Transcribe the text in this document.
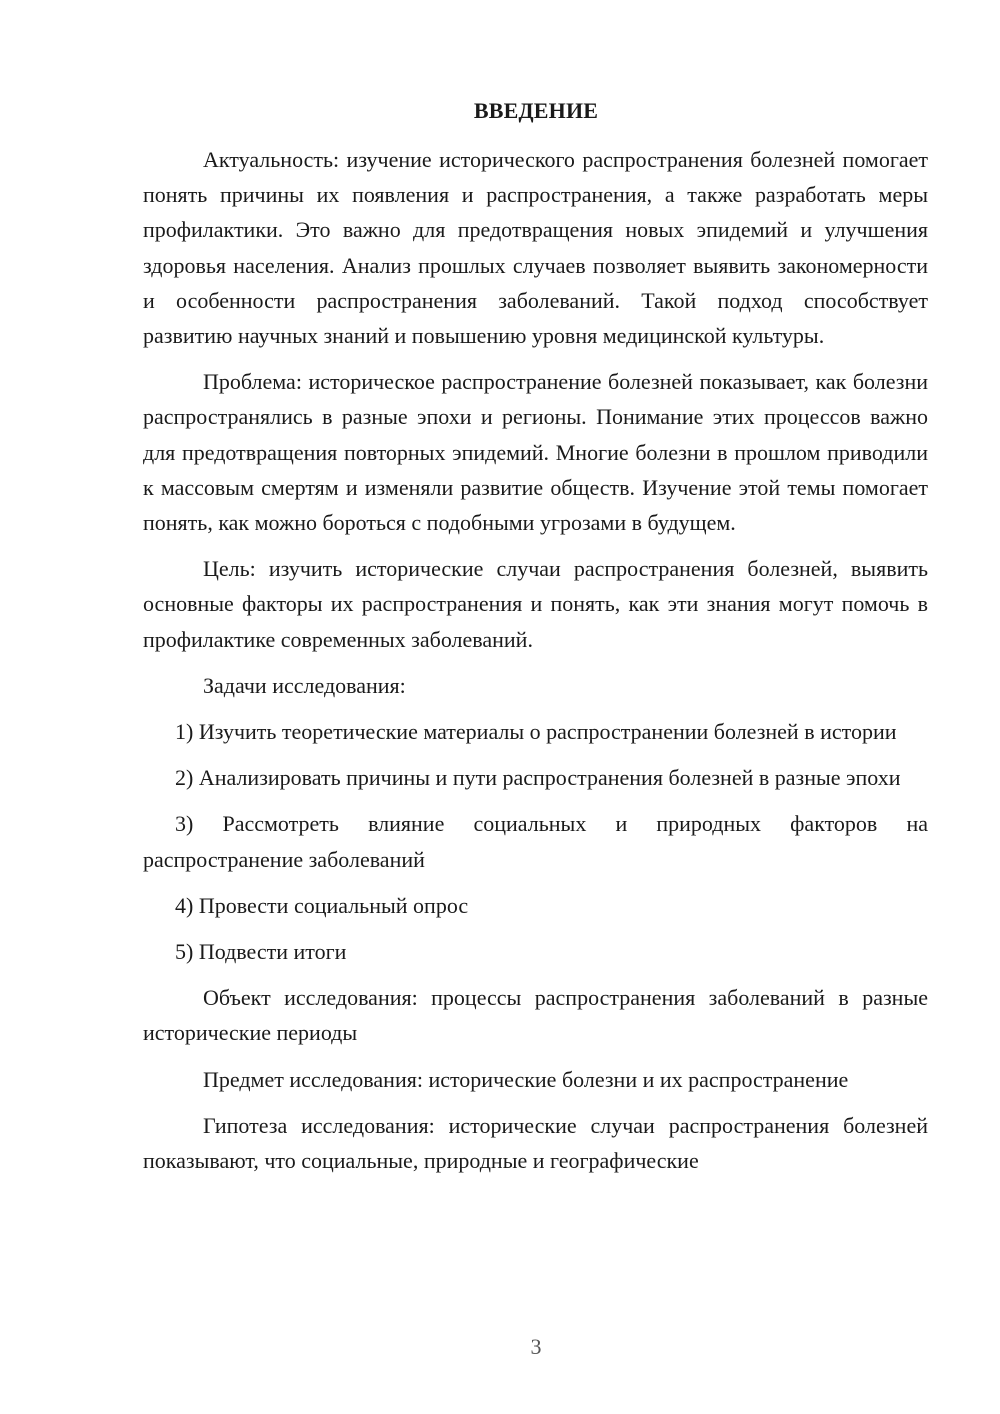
ВВЕДЕНИЕ

Актуальность: изучение исторического распространения болезней помогает понять причины их появления и распространения, а также разработать меры профилактики. Это важно для предотвращения новых эпидемий и улучшения здоровья населения. Анализ прошлых случаев позволяет выявить закономерности и особенности распространения заболеваний. Такой подход способствует развитию научных знаний и повышению уровня медицинской культуры.

Проблема: историческое распространение болезней показывает, как болезни распространялись в разные эпохи и регионы. Понимание этих процессов важно для предотвращения повторных эпидемий. Многие болезни в прошлом приводили к массовым смертям и изменяли развитие обществ. Изучение этой темы помогает понять, как можно бороться с подобными угрозами в будущем.

Цель: изучить исторические случаи распространения болезней, выявить основные факторы их распространения и понять, как эти знания могут помочь в профилактике современных заболеваний.

Задачи исследования:

1) Изучить теоретические материалы о распространении болезней в истории

2) Анализировать причины и пути распространения болезней в разные эпохи

3) Рассмотреть влияние социальных и природных факторов на распространение заболеваний

4) Провести социальный опрос

5) Подвести итоги

Объект исследования: процессы распространения заболеваний в разные исторические периоды

Предмет исследования: исторические болезни и их распространение

Гипотеза исследования: исторические случаи распространения болезней показывают, что социальные, природные и географические

3
